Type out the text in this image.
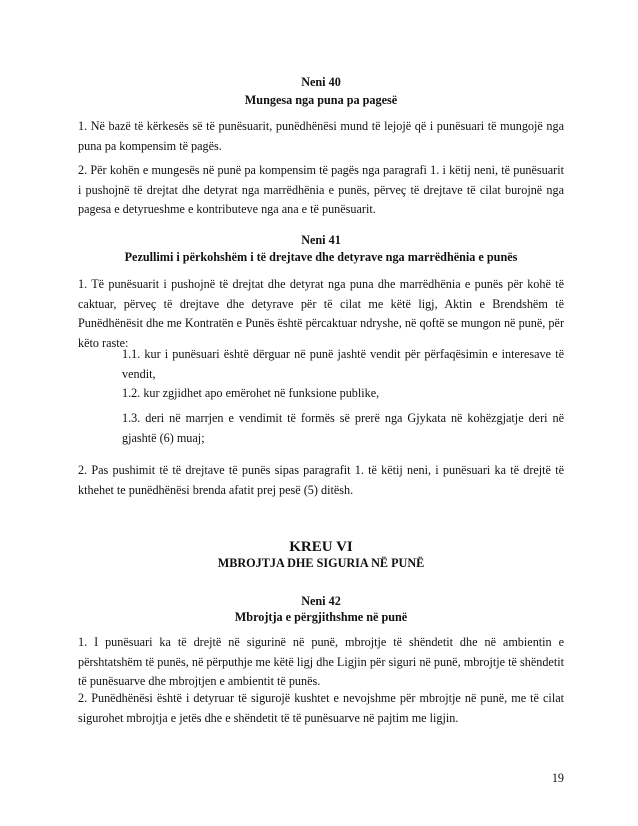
Neni 40
Mungesa nga puna pa pagesë

1. Në bazë të kërkesës së të punësuarit, punëdhënësi mund të lejojë që i punësuari të mungojë nga puna pa kompensim të pagës.

2. Për kohën e mungesës në punë pa kompensim të pagës nga paragrafi 1. i këtij neni, të punësuarit i pushojnë të drejtat dhe detyrat nga marrëdhënia e punës, përveç të drejtave të cilat burojnë nga pagesa e detyrueshme e kontributeve nga ana e të punësuarit.

Neni 41
Pezullimi i përkohshëm i të drejtave dhe detyrave nga marrëdhënia e punës

1. Të punësuarit i pushojnë të drejtat dhe detyrat nga puna dhe marrëdhënia e punës për kohë të caktuar, përveç të drejtave dhe detyrave për të cilat me këtë ligj, Aktin e Brendshëm të Punëdhënësit dhe me Kontratën e Punës është përcaktuar ndryshe, në qoftë se mungon në punë, për këto raste:

1.1. kur i punësuari është dërguar në punë jashtë vendit për përfaqësimin e interesave të vendit,

1.2. kur zgjidhet apo emërohet në funksione publike,

1.3. deri në marrjen e vendimit të formës së prerë nga Gjykata në kohëzgjatje deri në gjashtë (6) muaj;

2. Pas pushimit të të drejtave të punës sipas paragrafit 1. të këtij neni, i punësuari ka të drejtë të kthehet te punëdhënësi brenda afatit prej pesë (5) ditësh.

KREU VI
MBROJTJA DHE SIGURIA NË PUNË
Neni 42
Mbrojtja e përgjithshme në punë

1. I punësuari ka të drejtë në sigurinë në punë, mbrojtje të shëndetit dhe në ambientin e përshtatshëm të punës, në përputhje me këtë ligj dhe Ligjin për siguri në punë, mbrojtje të shëndetit të punësuarve dhe mbrojtjen e ambientit të punës.

2. Punëdhënësi është i detyruar të sigurojë kushtet e nevojshme për mbrojtje në punë, me të cilat sigurohet mbrojtja e jetës dhe e shëndetit të të punësuarve në pajtim me ligjin.

19
